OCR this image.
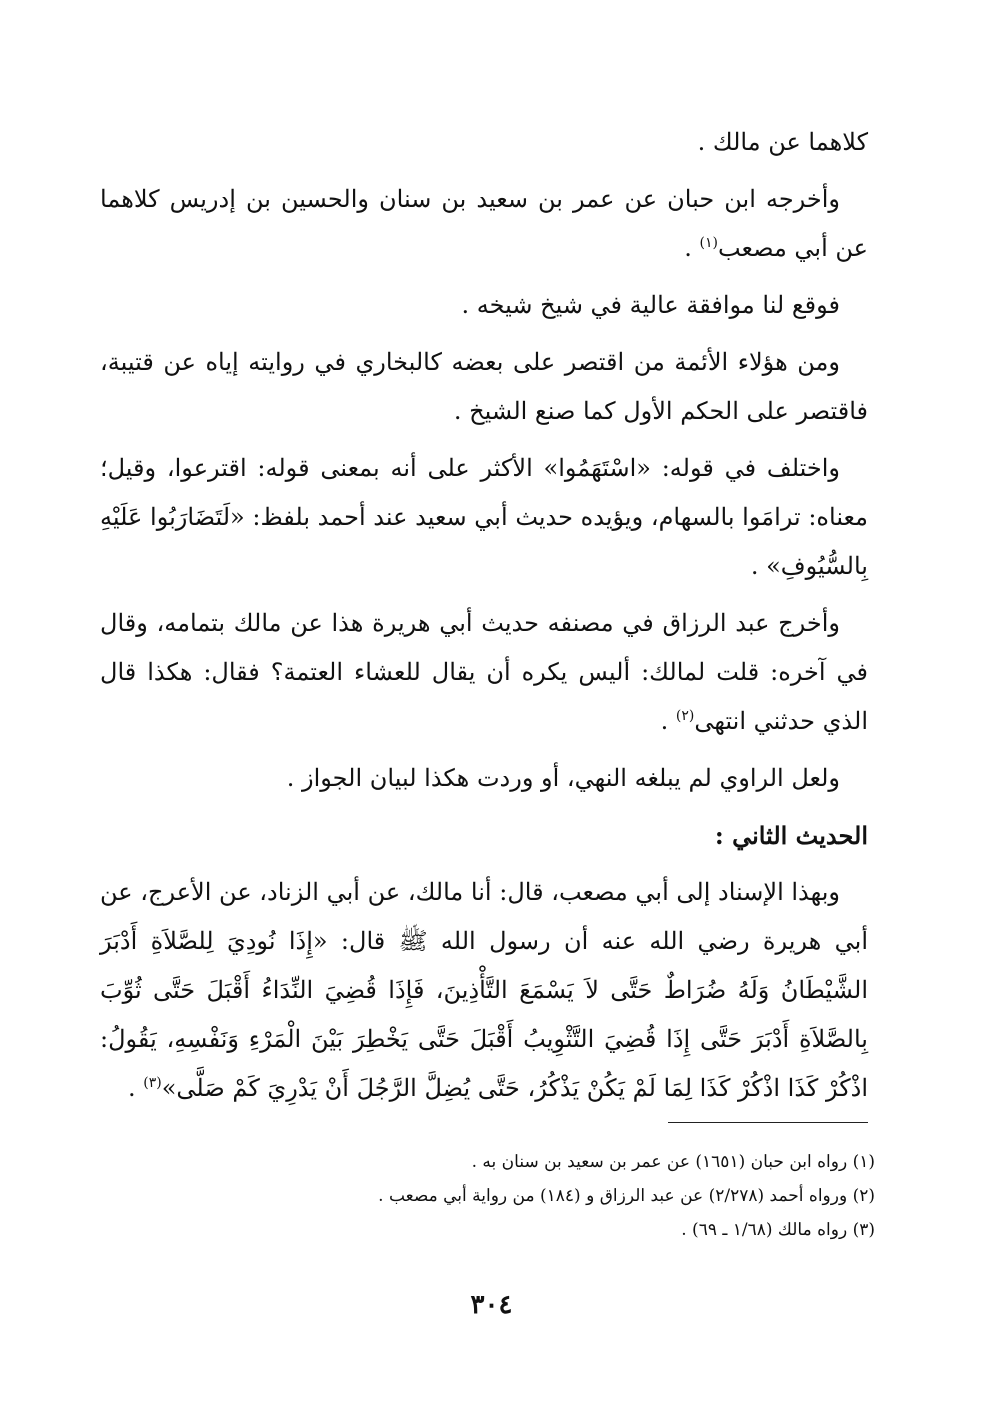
كلاهما عن مالك .

وأخرجه ابن حبان عن عمر بن سعيد بن سنان والحسين بن إدريس كلاهما عن أبي مصعب$^{(١)}$ .

فوقع لنا موافقة عالية في شيخ شيخه .

ومن هؤلاء الأئمة من اقتصر على بعضه كالبخاري في روايته إياه عن قتيبة، فاقتصر على الحكم الأول كما صنع الشيخ .

واختلف في قوله: «اسْتَهَمُوا» الأكثر على أنه بمعنى قوله: اقترعوا، وقيل؛ معناه: ترامَوا بالسهام، ويؤيده حديث أبي سعيد عند أحمد بلفظ: «لَتَضَارَبُوا عَلَيْهِ بِالسُّيُوفِ» .

وأخرج عبد الرزاق في مصنفه حديث أبي هريرة هذا عن مالك بتمامه، وقال في آخره: قلت لمالك: أليس يكره أن يقال للعشاء العتمة؟ فقال: هكذا قال الذي حدثني انتهى$^{(٢)}$ .

ولعل الراوي لم يبلغه النهي، أو وردت هكذا لبيان الجواز .

الحديث الثاني :

وبهذا الإسناد إلى أبي مصعب، قال: أنا مالك، عن أبي الزناد، عن الأعرج، عن أبي هريرة رضي الله عنه أن رسول الله ﷺ قال: «إِذَا نُودِيَ لِلصَّلاَةِ أَدْبَرَ الشَّيْطَانُ وَلَهُ ضُرَاطٌ حَتَّى لاَ يَسْمَعَ التَّأْذِينَ، فَإِذَا قُضِيَ النِّدَاءُ أَقْبَلَ حَتَّى ثُوِّبَ بِالصَّلاَةِ أَدْبَرَ حَتَّى إِذَا قُضِيَ التَّثْوِيبُ أَقْبَلَ حَتَّى يَخْطِرَ بَيْنَ الْمَرْءِ وَنَفْسِهِ، يَقُولُ: اذْكُرْ كَذَا اذْكُرْ كَذَا لِمَا لَمْ يَكُنْ يَذْكُرُ، حَتَّى يُضِلَّ الرَّجُلَ أَنْ يَدْرِيَ كَمْ صَلَّى»$^{(٣)}$ .

(١) رواه ابن حبان (١٦٥١) عن عمر بن سعيد بن سنان به .

(٢) ورواه أحمد (٢/٢٧٨) عن عبد الرزاق و (١٨٤) من رواية أبي مصعب .

(٣) رواه مالك (١/٦٨ ـ ٦٩) .

٣٠٤
